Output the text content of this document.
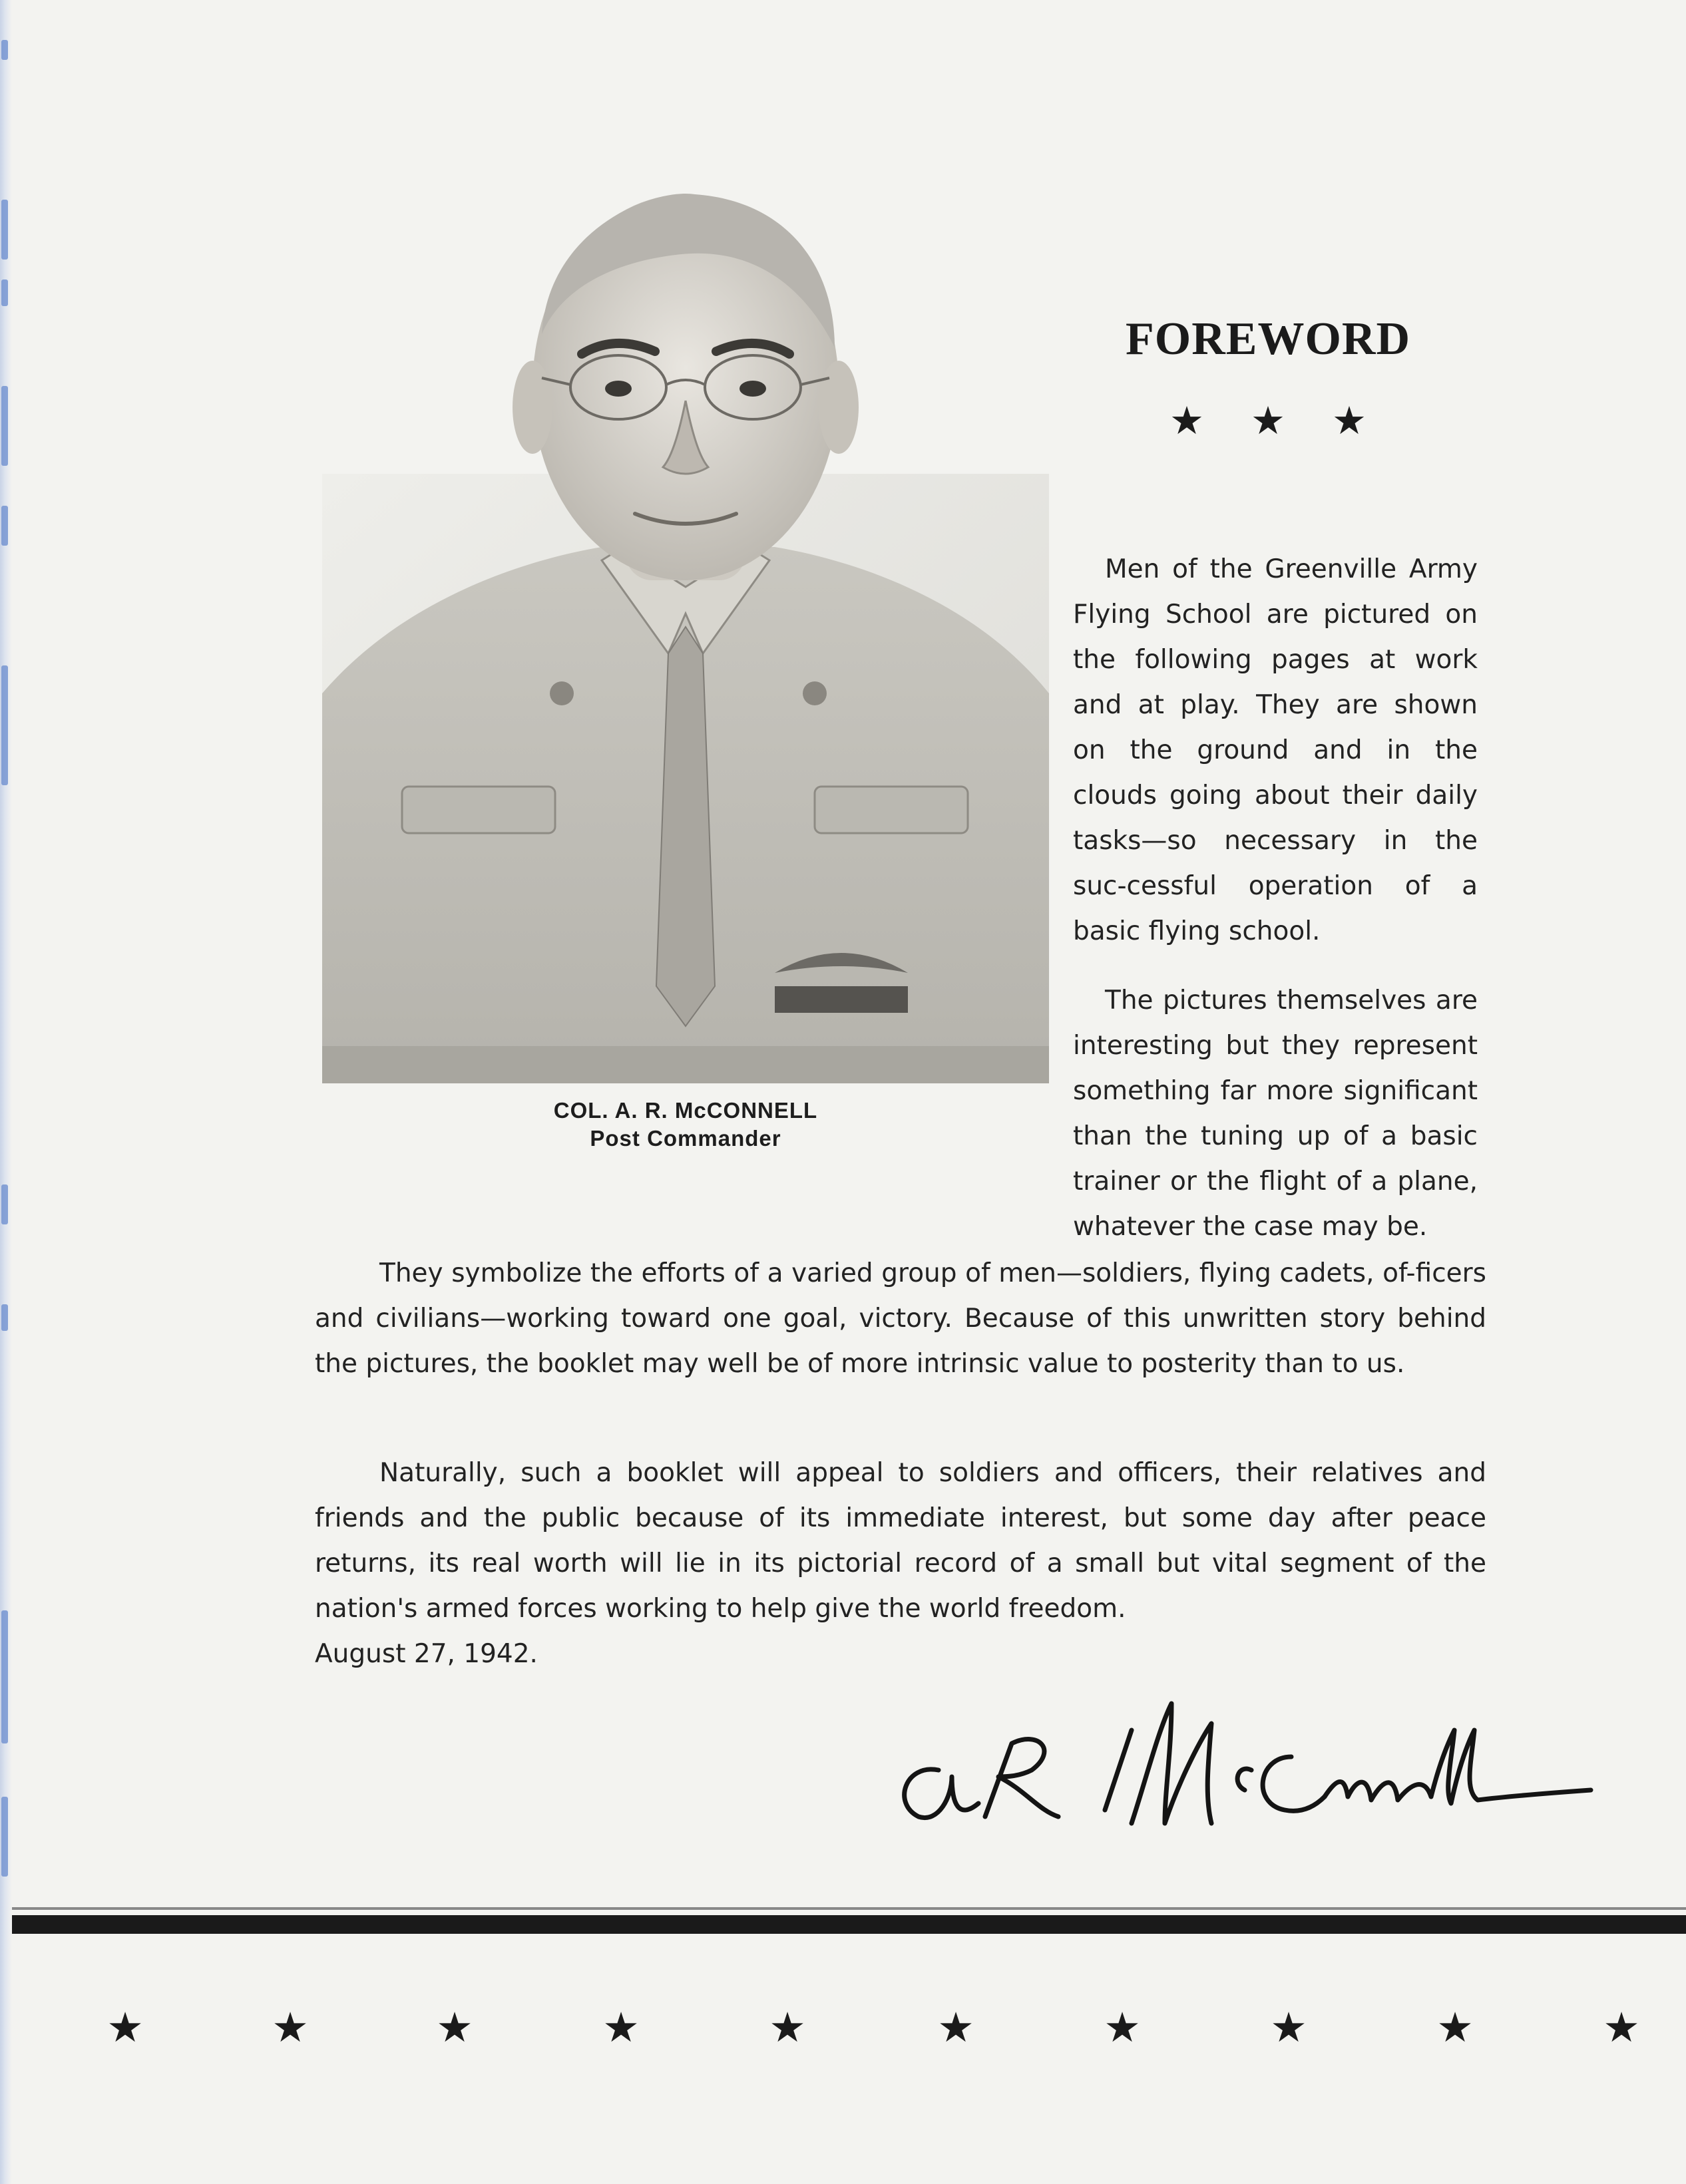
COL. A. R. McCONNELL
Post Commander
FOREWORD
★★★

Men of the Greenville Army Flying School are pictured on the following pages at work and at play. They are shown on the ground and in the clouds going about their daily tasks—so necessary in the suc-cessful operation of a basic flying school.

The pictures themselves are interesting but they represent something far more significant than the tuning up of a basic trainer or the flight of a plane, whatever the case may be.

They symbolize the efforts of a varied group of men—soldiers, flying cadets, of-ficers and civilians—working toward one goal, victory. Because of this unwritten story behind the pictures, the booklet may well be of more intrinsic value to posterity than to us.

Naturally, such a booklet will appeal to soldiers and officers, their relatives and friends and the public because of its immediate interest, but some day after peace returns, its real worth will lie in its pictorial record of a small but vital segment of the nation's armed forces working to help give the world freedom.

August 27, 1942.
★	★	★	★	★	★	★	★	★	★
